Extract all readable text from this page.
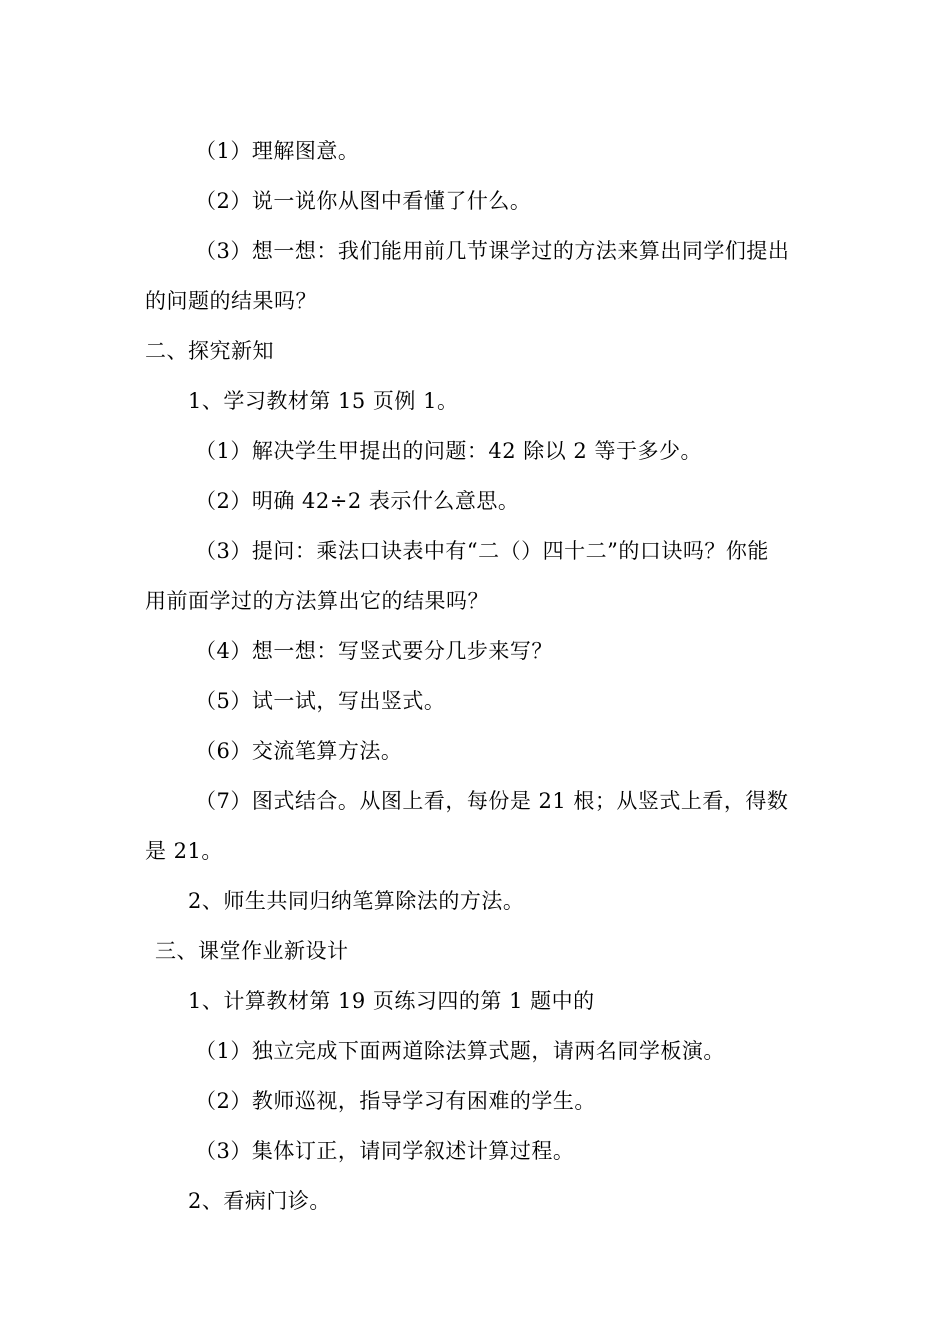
（1）理解图意。
（2）说一说你从图中看懂了什么。
（3）想一想：我们能用前几节课学过的方法来算出同学们提出
的问题的结果吗？
二、探究新知
1、学习教材第 15 页例 1。
（1）解决学生甲提出的问题：42 除以 2 等于多少。
（2）明确 42÷2 表示什么意思。
（3）提问：乘法口诀表中有“二（）四十二”的口诀吗？你能
用前面学过的方法算出它的结果吗？
（4）想一想：写竖式要分几步来写？
（5）试一试，写出竖式。
（6）交流笔算方法。
（7）图式结合。从图上看，每份是 21 根；从竖式上看，得数
是 21。
2、师生共同归纳笔算除法的方法。
三、课堂作业新设计
1、计算教材第 19 页练习四的第 1 题中的
（1）独立完成下面两道除法算式题，请两名同学板演。
（2）教师巡视，指导学习有困难的学生。
（3）集体订正，请同学叙述计算过程。
2、看病门诊。
